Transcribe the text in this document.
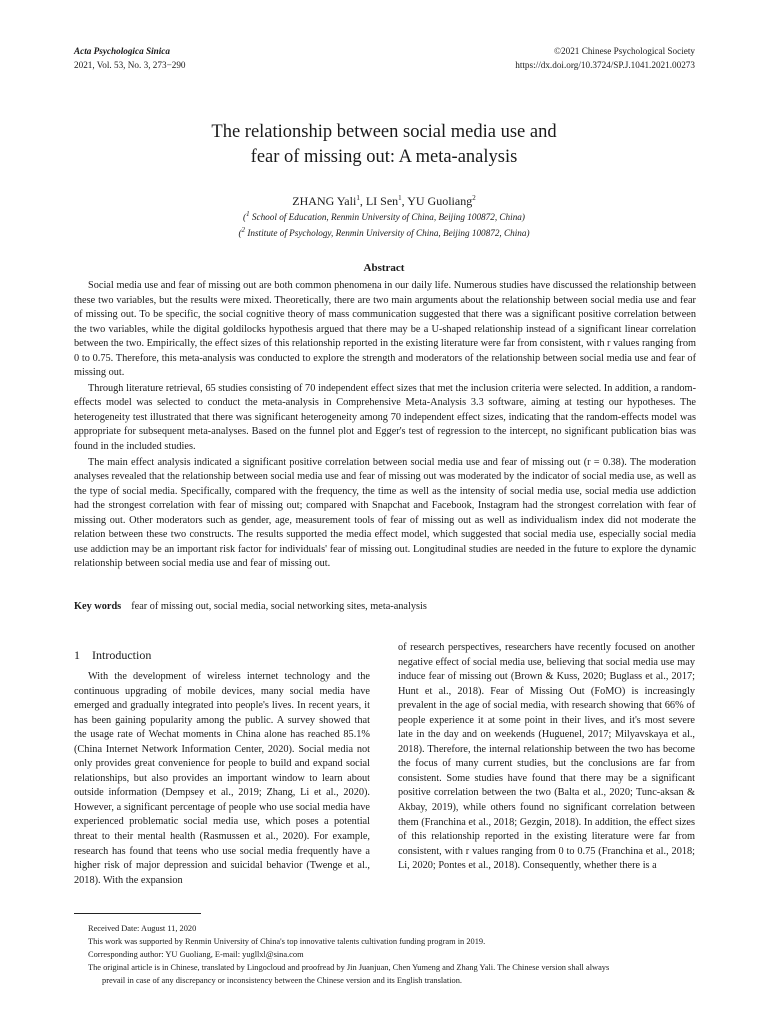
Acta Psychologica Sinica
2021, Vol. 53, No. 3, 273−290
©2021 Chinese Psychological Society
https://dx.doi.org/10.3724/SP.J.1041.2021.00273
The relationship between social media use and
fear of missing out: A meta-analysis
ZHANG Yali$^1$, LI Sen$^1$, YU Guoliang$^2$
($^1$ School of Education, Renmin University of China, Beijing 100872, China)
($^2$ Institute of Psychology, Renmin University of China, Beijing 100872, China)
Abstract

Social media use and fear of missing out are both common phenomena in our daily life. Numerous studies have discussed the relationship between these two variables, but the results were mixed. Theoretically, there are two main arguments about the relationship between social media use and fear of missing out. To be specific, the social cognitive theory of mass communication suggested that there was a significant positive correlation between the two variables, while the digital goldilocks hypothesis argued that there may be a U-shaped relationship instead of a significant linear correlation between the two. Empirically, the effect sizes of this relationship reported in the existing literature were far from consistent, with r values ranging from 0 to 0.75. Therefore, this meta-analysis was conducted to explore the strength and moderators of the relationship between social media use and fear of missing out.

Through literature retrieval, 65 studies consisting of 70 independent effect sizes that met the inclusion criteria were selected. In addition, a random-effects model was selected to conduct the meta-analysis in Comprehensive Meta-Analysis 3.3 software, aiming at testing our hypotheses. The heterogeneity test illustrated that there was significant heterogeneity among 70 independent effect sizes, indicating that the random-effects model was appropriate for subsequent meta-analyses. Based on the funnel plot and Egger's test of regression to the intercept, no significant publication bias was found in the included studies.

The main effect analysis indicated a significant positive correlation between social media use and fear of missing out (r = 0.38). The moderation analyses revealed that the relationship between social media use and fear of missing out was moderated by the indicator of social media use, as well as the type of social media. Specifically, compared with the frequency, the time as well as the intensity of social media use, social media use addiction had the strongest correlation with fear of missing out; compared with Snapchat and Facebook, Instagram had the strongest correlation with fear of missing out. Other moderators such as gender, age, measurement tools of fear of missing out as well as individualism index did not moderate the relation between these two constructs. The results supported the media effect model, which suggested that social media use, especially social media use addiction may be an important risk factor for individuals' fear of missing out. Longitudinal studies are needed in the future to explore the dynamic relationship between social media use and fear of missing out.

Key words fear of missing out, social media, social networking sites, meta-analysis
1 Introduction

With the development of wireless internet technology and the continuous upgrading of mobile devices, many social media have emerged and gradually integrated into people's lives. In recent years, it has been gaining popularity among the public. A survey showed that the usage rate of Wechat moments in China alone has reached 85.1% (China Internet Network Information Center, 2020). Social media not only provides great convenience for people to build and expand social relationships, but also provides an important window to learn about outside information (Dempsey et al., 2019; Zhang, Li et al., 2020). However, a significant percentage of people who use social media have experienced problematic social media use, which poses a potential threat to their mental health (Rasmussen et al., 2020). For example, research has found that teens who use social media frequently have a higher risk of major depression and suicidal behavior (Twenge et al., 2018). With the expansion

of research perspectives, researchers have recently focused on another negative effect of social media use, believing that social media use may induce fear of missing out (Brown & Kuss, 2020; Buglass et al., 2017; Hunt et al., 2018). Fear of Missing Out (FoMO) is increasingly prevalent in the age of social media, with research showing that 66% of people experience it at some point in their lives, and it's most severe late in the day and on weekends (Huguenel, 2017; Milyavskaya et al., 2018). Therefore, the internal relationship between the two has become the focus of many current studies, but the conclusions are far from consistent. Some studies have found that there may be a significant positive correlation between the two (Balta et al., 2020; Tunc-aksan & Akbay, 2019), while others found no significant correlation between them (Franchina et al., 2018; Gezgin, 2018). In addition, the effect sizes of this relationship reported in the existing literature were far from consistent, with r values ranging from 0 to 0.75 (Franchina et al., 2018; Li, 2020; Pontes et al., 2018). Consequently, whether there is a

Received Date: August 11, 2020
This work was supported by Renmin University of China's top innovative talents cultivation funding program in 2019.
Corresponding author: YU Guoliang, E-mail: yugllxl@sina.com
The original article is in Chinese, translated by Lingocloud and proofread by Jin Juanjuan, Chen Yumeng and Zhang Yali. The Chinese version shall always
prevail in case of any discrepancy or inconsistency between the Chinese version and its English translation.
